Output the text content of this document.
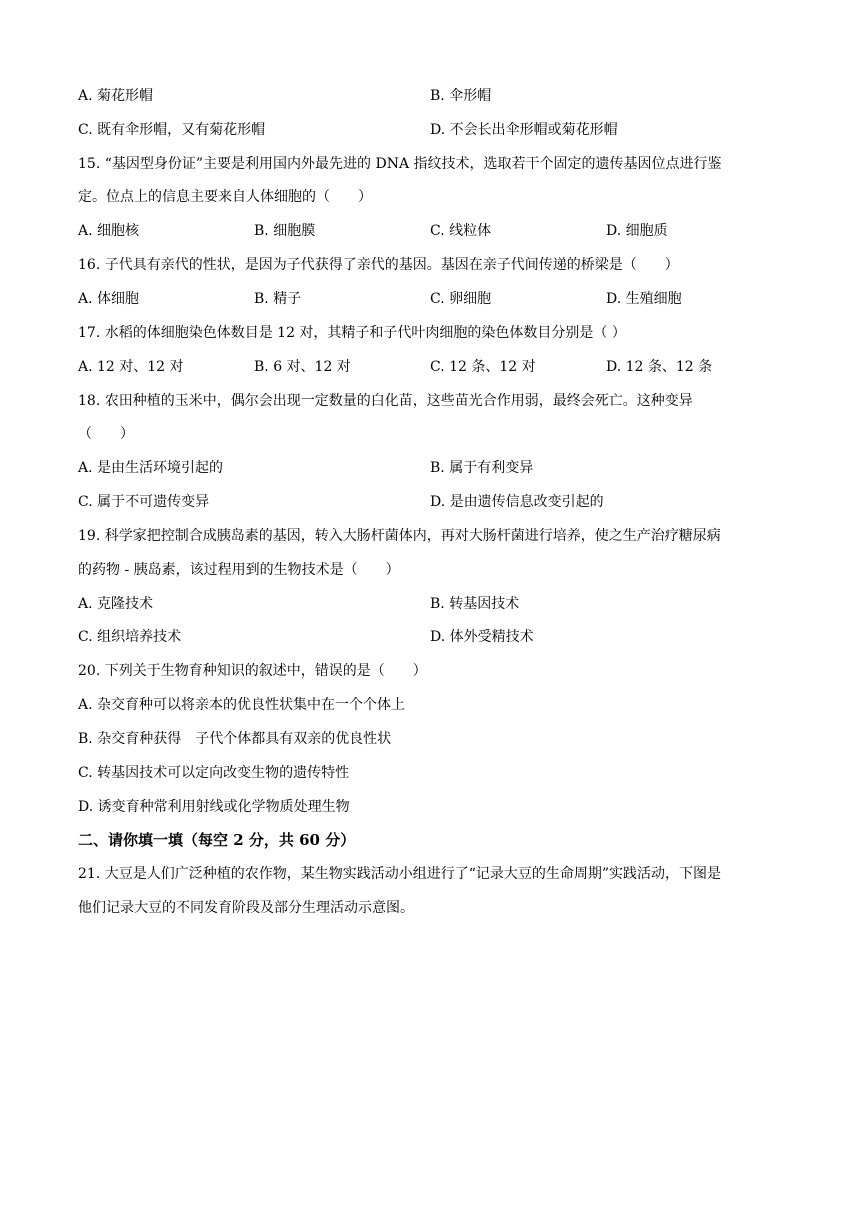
A. 菊花形帽	B. 伞形帽
C. 既有伞形帽，又有菊花形帽	D. 不会长出伞形帽或菊花形帽
15. “基因型身份证”主要是利用国内外最先进的 DNA 指纹技术，选取若干个固定的遗传基因位点进行鉴
定。位点上的信息主要来自人体细胞的（　　）
A. 细胞核	B. 细胞膜	C. 线粒体	D. 细胞质
16. 子代具有亲代的性状，是因为子代获得了亲代的基因。基因在亲子代间传递的桥梁是（　　）
A. 体细胞	B. 精子	C. 卵细胞	D. 生殖细胞
17. 水稻的体细胞染色体数目是 12 对，其精子和子代叶肉细胞的染色体数目分别是（ ）
A. 12 对、12 对	B. 6 对、12 对	C. 12 条、12 对	D. 12 条、12 条
18. 农田种植的玉米中，偶尔会出现一定数量的白化苗，这些苗光合作用弱，最终会死亡。这种变异
（　　）
A. 是由生活环境引起的	B. 属于有利变异
C. 属于不可遗传变异	D. 是由遗传信息改变引起的
19. 科学家把控制合成胰岛素的基因，转入大肠杆菌体内，再对大肠杆菌进行培养，使之生产治疗糖尿病
的药物 - 胰岛素，该过程用到的生物技术是（　　）
A. 克隆技术	B. 转基因技术
C. 组织培养技术	D. 体外受精技术
20. 下列关于生物育种知识的叙述中，错误的是（　　）
A. 杂交育种可以将亲本的优良性状集中在一个个体上
B. 杂交育种获得　子代个体都具有双亲的优良性状
C. 转基因技术可以定向改变生物的遗传特性
D. 诱变育种常利用射线或化学物质处理生物
二、请你填一填（每空 2 分，共 60 分）
21. 大豆是人们广泛种植的农作物，某生物实践活动小组进行了“记录大豆的生命周期”实践活动，下图是
他们记录大豆的不同发育阶段及部分生理活动示意图。
